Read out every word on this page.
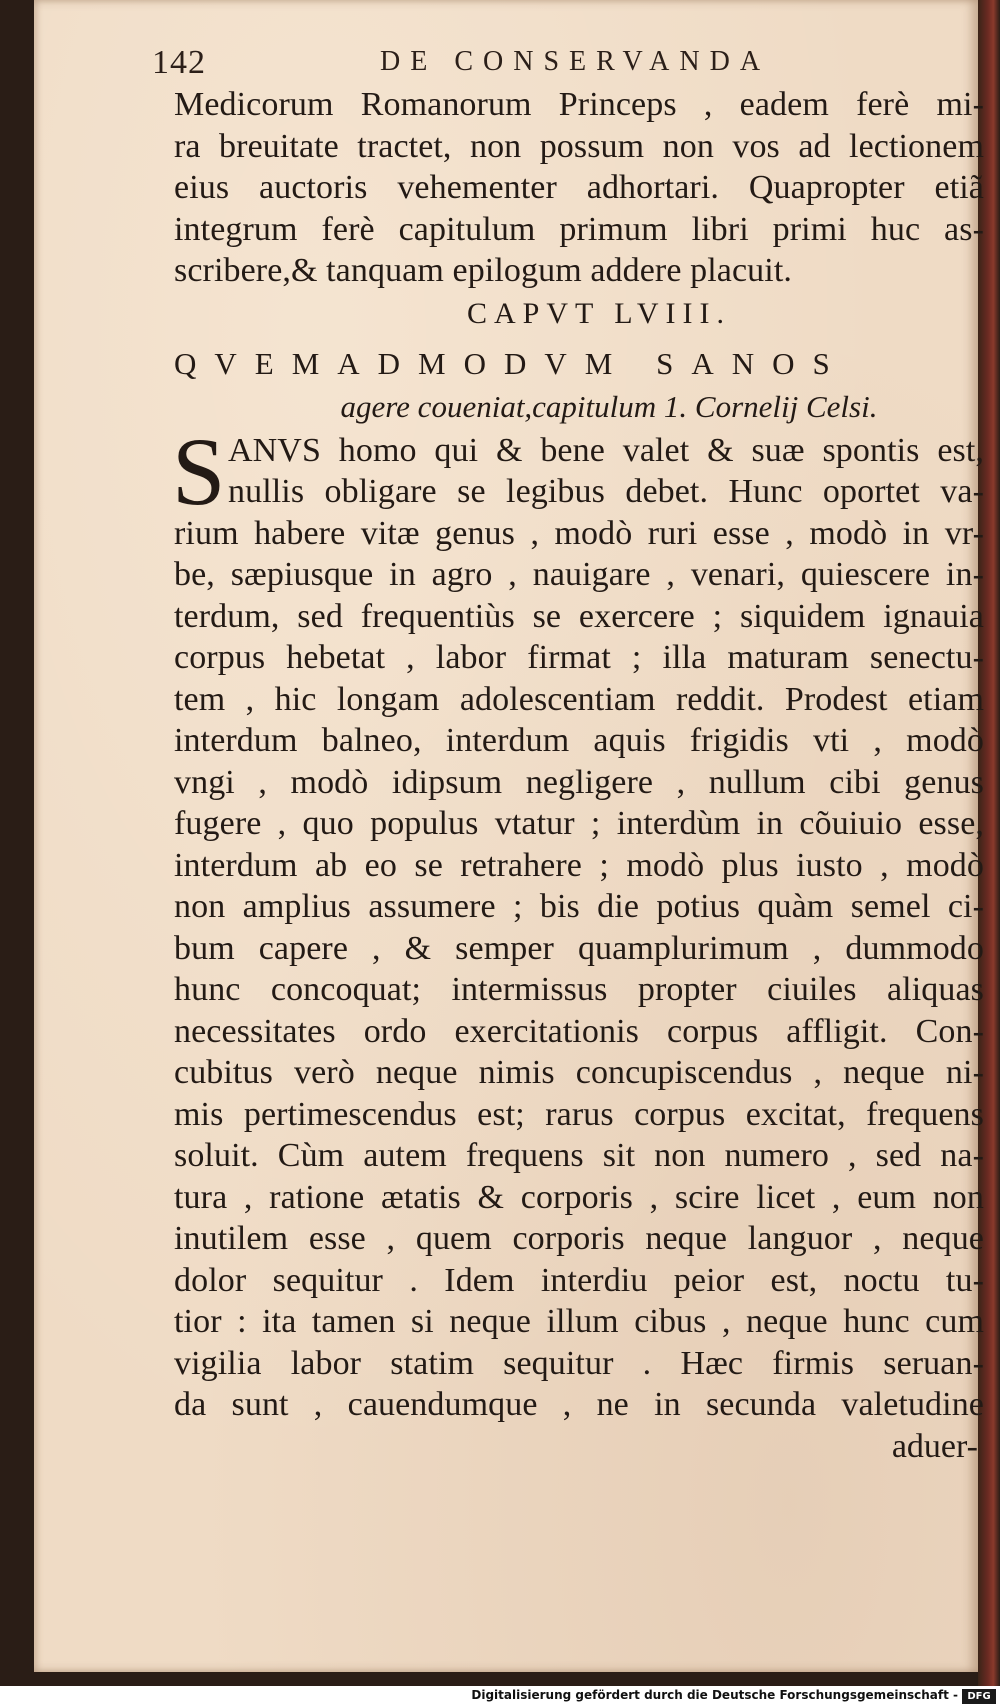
142	DE CONSERVANDA
Medicorum Romanorum Princeps , eadem ferè mi-
ra breuitate tractet, non possum non vos ad lectionem
eius auctoris vehementer adhortari. Quapropter etiã
integrum ferè capitulum primum libri primi huc as-
scribere,& tanquam epilogum addere placuit.
CAPVT LVIII.
QVEMADMODVM SANOS
agere coueniat,capitulum 1. Cornelij Celsi.
S ANVS homo qui & bene valet & suæ spontis est,
nullis obligare se legibus debet. Hunc oportet va-
rium habere vitæ genus , modò ruri esse , modò in vr-
be, sæpiusque in agro , nauigare , venari, quiescere in-
terdum, sed frequentiùs se exercere ; siquidem ignauia
corpus hebetat , labor firmat ; illa maturam senectu-
tem , hic longam adolescentiam reddit. Prodest etiam
interdum balneo, interdum aquis frigidis vti , modò
vngi , modò idipsum negligere , nullum cibi genus
fugere , quo populus vtatur ; interdùm in cõuiuio esse,
interdum ab eo se retrahere ; modò plus iusto , modò
non amplius assumere ; bis die potius quàm semel ci-
bum capere , & semper quamplurimum , dummodo
hunc concoquat; intermissus propter ciuiles aliquas
necessitates ordo exercitationis corpus affligit. Con-
cubitus verò neque nimis concupiscendus , neque ni-
mis pertimescendus est; rarus corpus excitat, frequens
soluit. Cùm autem frequens sit non numero , sed na-
tura , ratione ætatis & corporis , scire licet , eum non
inutilem esse , quem corporis neque languor , neque
dolor sequitur . Idem interdiu peior est, noctu tu-
tior : ita tamen si neque illum cibus , neque hunc cum
vigilia labor statim sequitur . Hæc firmis seruan-
da sunt , cauendumque , ne in secunda valetudine
aduer-
Digitalisierung gefördert durch die Deutsche Forschungsgemeinschaft - DFG
